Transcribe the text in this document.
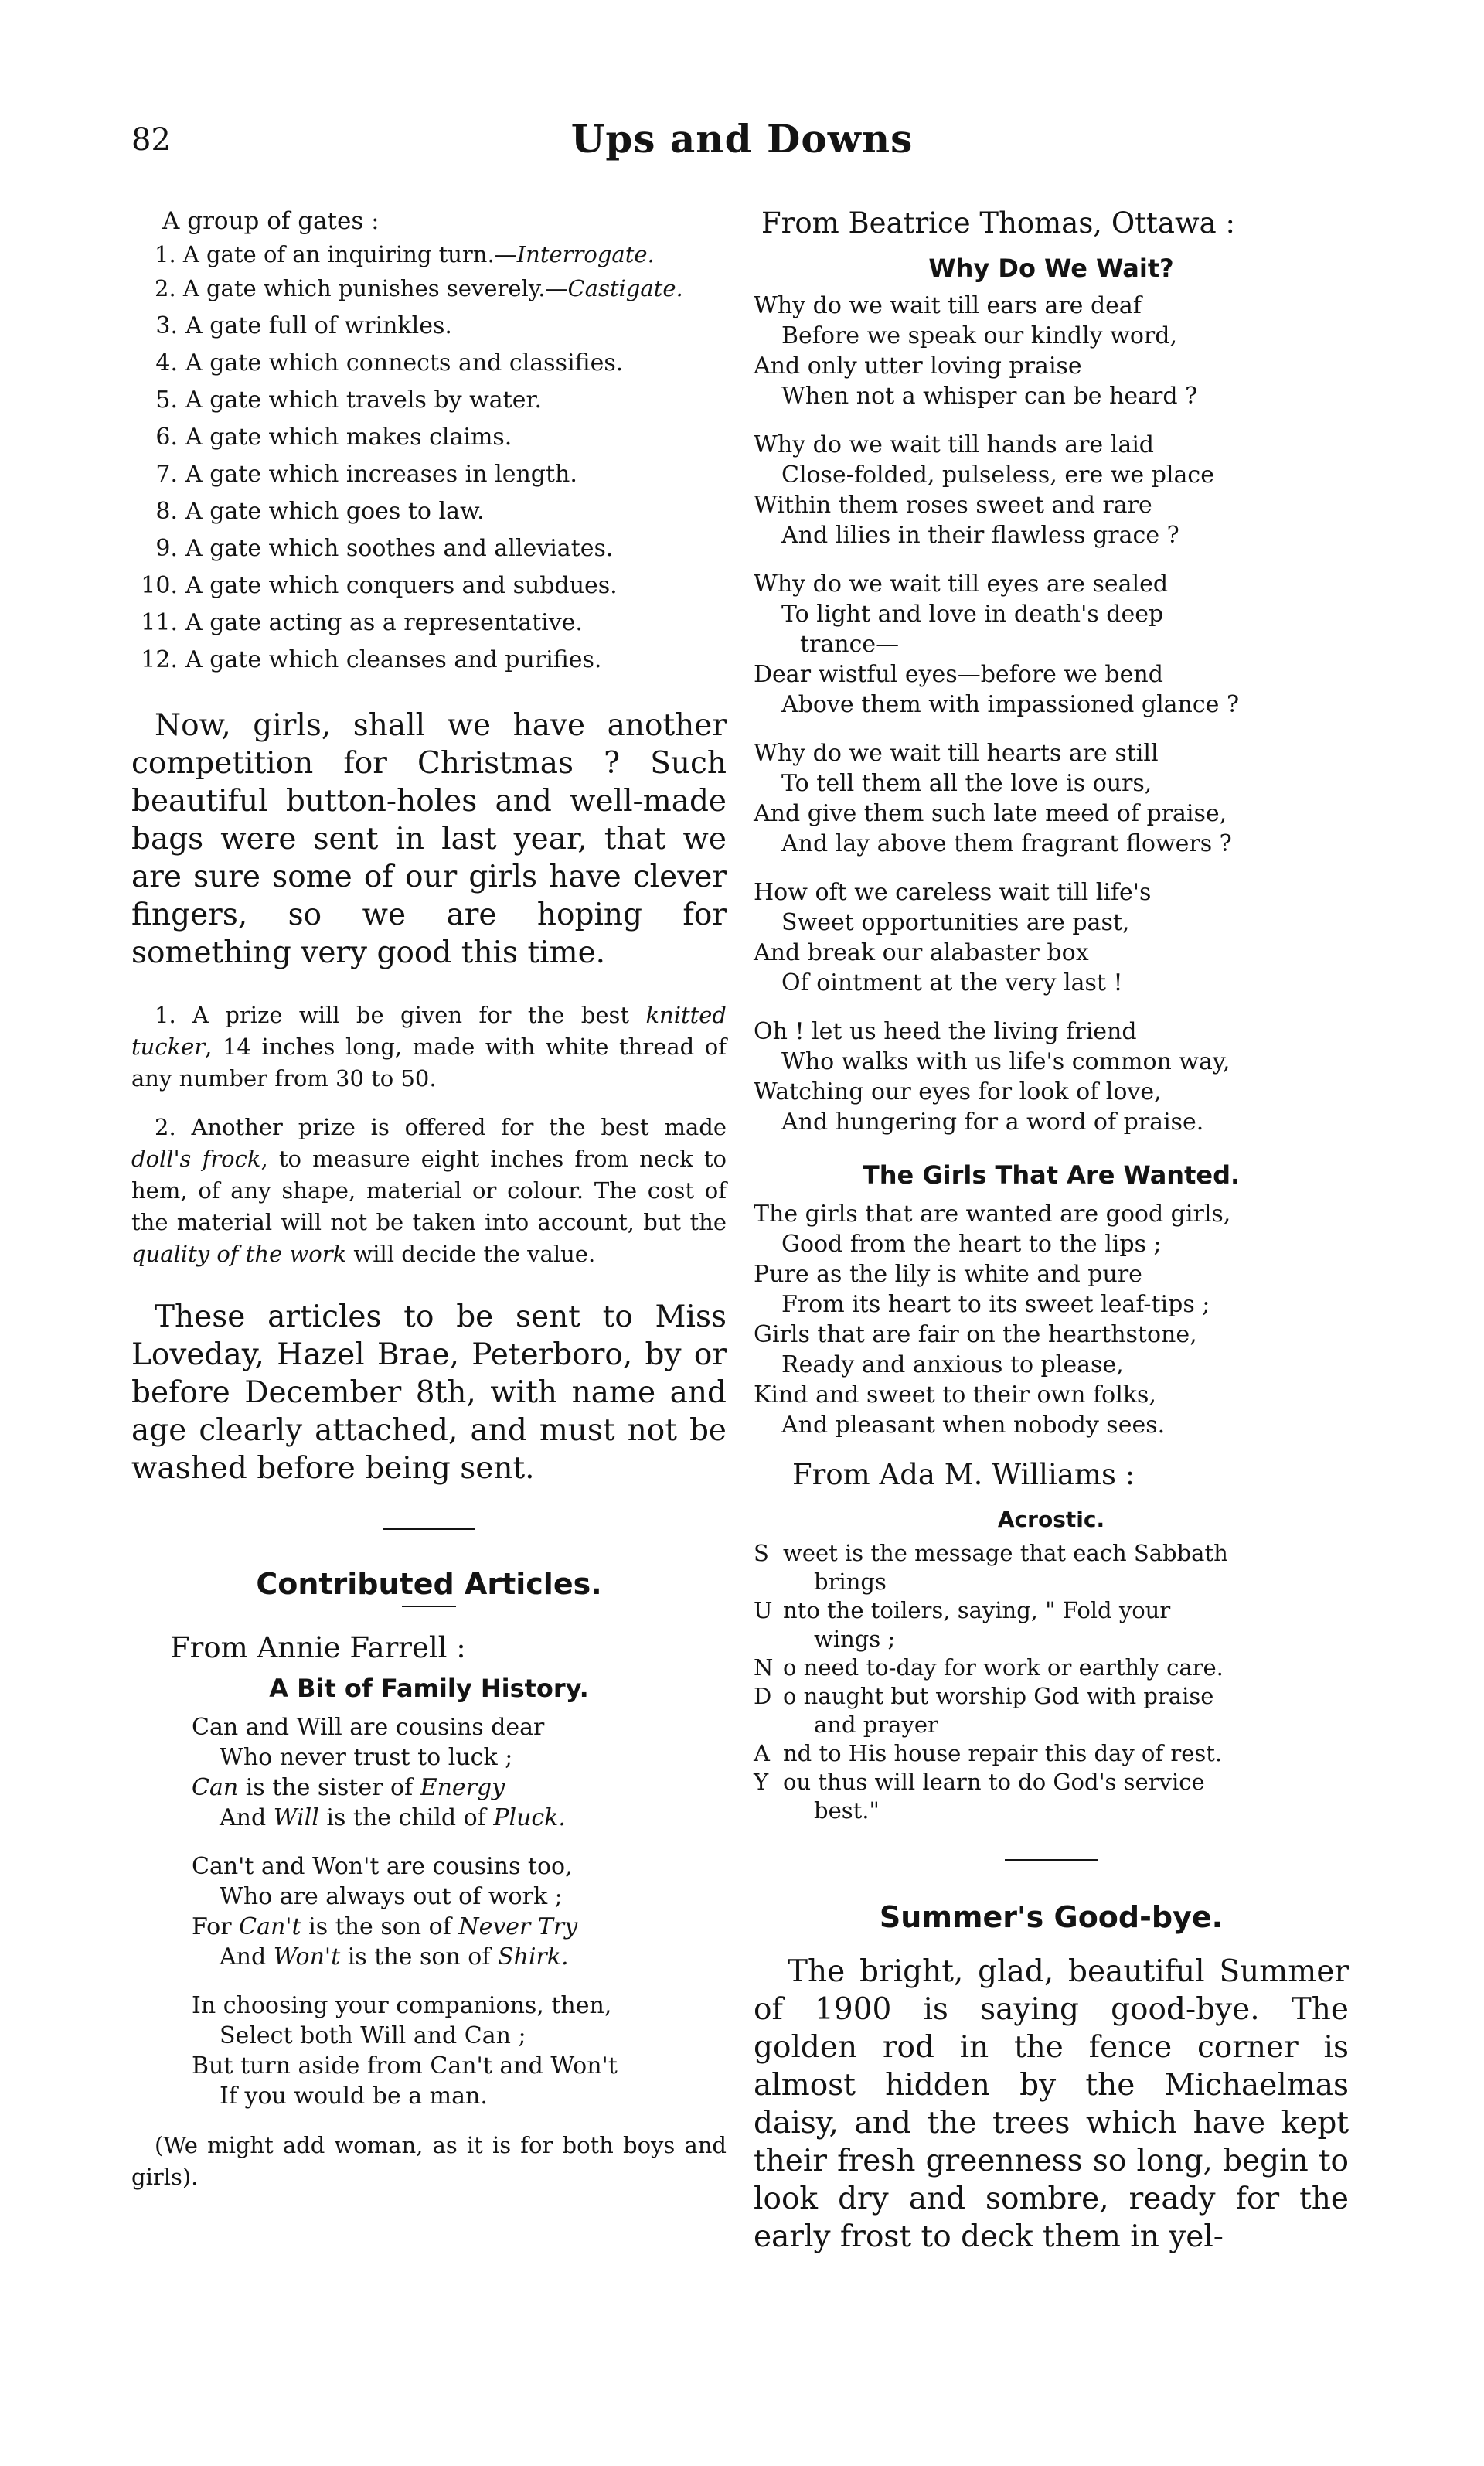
82	Ups and Downs
A group of gates :

1. A gate of an inquiring turn.—Interrogate.

2. A gate which punishes severely.—Castigate.

3. A gate full of wrinkles.
4. A gate which connects and classifies.
5. A gate which travels by water.
6. A gate which makes claims.
7. A gate which increases in length.
8. A gate which goes to law.
9. A gate which soothes and alleviates.
10. A gate which conquers and subdues.
11. A gate acting as a representative.
12. A gate which cleanses and purifies.

Now, girls, shall we have another competition for Christmas ? Such beautiful button-holes and well-made bags were sent in last year, that we are sure some of our girls have clever fingers, so we are hoping for something very good this time.

1. A prize will be given for the best knitted tucker, 14 inches long, made with white thread of any number from 30 to 50.

2. Another prize is offered for the best made doll's frock, to measure eight inches from neck to hem, of any shape, material or colour. The cost of the material will not be taken into account, but the quality of the work will decide the value.

These articles to be sent to Miss Loveday, Hazel Brae, Peterboro, by or before December 8th, with name and age clearly attached, and must not be washed before being sent.

Contributed Articles.
From Annie Farrell :
A Bit of Family History.
Can and Will are cousins dear
Who never trust to luck ;
Can is the sister of Energy
And Will is the child of Pluck.
Can't and Won't are cousins too,
Who are always out of work ;
For Can't is the son of Never Try
And Won't is the son of Shirk.
In choosing your companions, then,
Select both Will and Can ;
But turn aside from Can't and Won't
If you would be a man.

(We might add woman, as it is for both boys and girls).

From Beatrice Thomas, Ottawa :
Why Do We Wait?
Why do we wait till ears are deaf
Before we speak our kindly word,
And only utter loving praise
When not a whisper can be heard ?
Why do we wait till hands are laid
Close-folded, pulseless, ere we place
Within them roses sweet and rare
And lilies in their flawless grace ?
Why do we wait till eyes are sealed
To light and love in death's deep
trance—
Dear wistful eyes—before we bend
Above them with impassioned glance ?
Why do we wait till hearts are still
To tell them all the love is ours,
And give them such late meed of praise,
And lay above them fragrant flowers ?
How oft we careless wait till life's
Sweet opportunities are past,
And break our alabaster box
Of ointment at the very last !
Oh ! let us heed the living friend
Who walks with us life's common way,
Watching our eyes for look of love,
And hungering for a word of praise.
The Girls That Are Wanted.
The girls that are wanted are good girls,
Good from the heart to the lips ;
Pure as the lily is white and pure
From its heart to its sweet leaf-tips ;
Girls that are fair on the hearthstone,
Ready and anxious to please,
Kind and sweet to their own folks,
And pleasant when nobody sees.
From Ada M. Williams :
Acrostic.
S weet is the message that each Sabbath
brings
U nto the toilers, saying, " Fold your
wings ;
N o need to-day for work or earthly care.
D o naught but worship God with praise
and prayer
A nd to His house repair this day of rest.
Y ou thus will learn to do God's service
best."
Summer's Good-bye.

The bright, glad, beautiful Summer of 1900 is saying good-bye. The golden rod in the fence corner is almost hidden by the Michaelmas daisy, and the trees which have kept their fresh greenness so long, begin to look dry and sombre, ready for the early frost to deck them in yel-
